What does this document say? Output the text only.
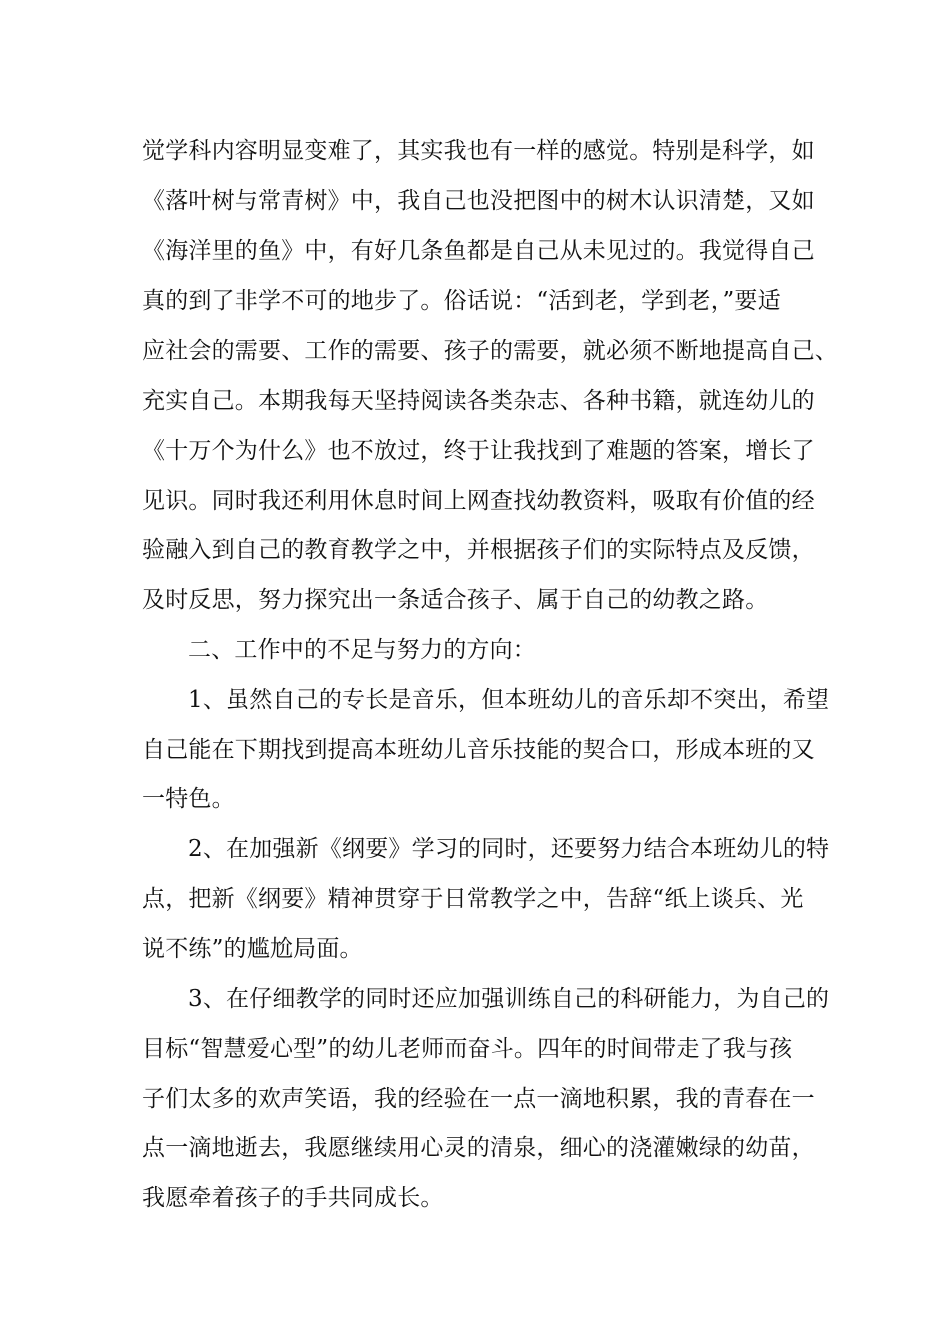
觉学科内容明显变难了，其实我也有一样的感觉。特别是科学，如
《落叶树与常青树》中，我自己也没把图中的树木认识清楚，又如
《海洋里的鱼》中，有好几条鱼都是自己从未见过的。我觉得自己
真的到了非学不可的地步了。俗话说：“活到老，学到老，”要适
应社会的需要、工作的需要、孩子的需要，就必须不断地提高自己、
充实自己。本期我每天坚持阅读各类杂志、各种书籍，就连幼儿的
《十万个为什么》也不放过，终于让我找到了难题的答案，增长了
见识。同时我还利用休息时间上网查找幼教资料，吸取有价值的经
验融入到自己的教育教学之中，并根据孩子们的实际特点及反馈，
及时反思，努力探究出一条适合孩子、属于自己的幼教之路。
二、工作中的不足与努力的方向：
1、虽然自己的专长是音乐，但本班幼儿的音乐却不突出，希望
自己能在下期找到提高本班幼儿音乐技能的契合口，形成本班的又
一特色。
2、在加强新《纲要》学习的同时，还要努力结合本班幼儿的特
点，把新《纲要》精神贯穿于日常教学之中，告辞“纸上谈兵、光
说不练”的尴尬局面。
3、在仔细教学的同时还应加强训练自己的科研能力，为自己的
目标“智慧爱心型”的幼儿老师而奋斗。四年的时间带走了我与孩
子们太多的欢声笑语，我的经验在一点一滴地积累，我的青春在一
点一滴地逝去，我愿继续用心灵的清泉，细心的浇灌嫩绿的幼苗，
我愿牵着孩子的手共同成长。
